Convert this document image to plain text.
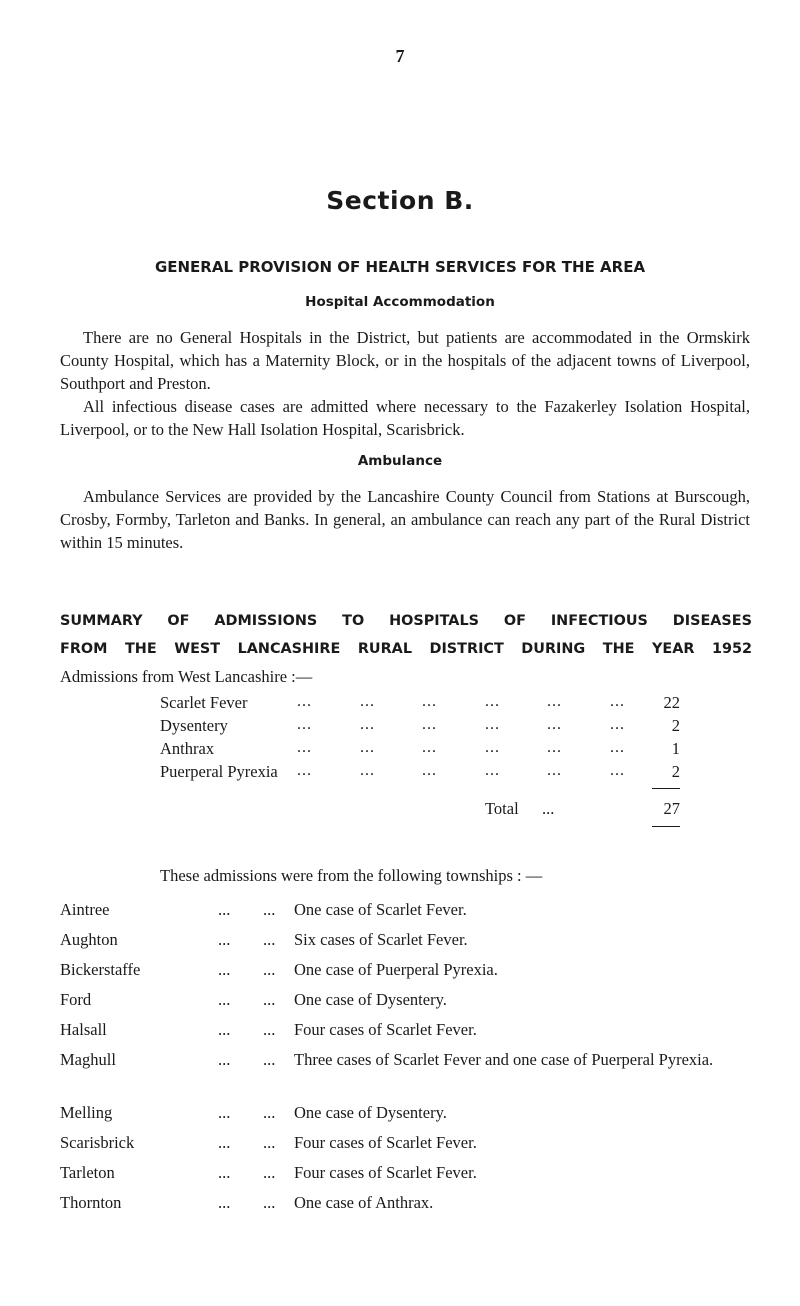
7
Section B.
GENERAL PROVISION OF HEALTH SERVICES FOR THE AREA
Hospital Accommodation

There are no General Hospitals in the District, but patients are accommodated in the Ormskirk County Hospital, which has a Maternity Block, or in the hospitals of the adjacent towns of Liverpool, Southport and Preston.

All infectious disease cases are admitted where necessary to the Fazakerley Isolation Hospital, Liverpool, or to the New Hall Isolation Hospital, Scarisbrick.

Ambulance

Ambulance Services are provided by the Lancashire County Council from Stations at Burscough, Crosby, Formby, Tarleton and Banks. In general, an ambulance can reach any part of the Rural District within 15 minutes.

SUMMARY OF ADMISSIONS TO HOSPITALS OF INFECTIOUS DISEASES
FROM THE WEST LANCASHIRE RURAL DISTRICT DURING THE YEAR 1952
Admissions from West Lancashire :—
Scarlet Fever	...	...	...	...	...	...	22
Dysentery	...	...	...	...	...	...	2
Anthrax	...	...	...	...	...	...	1
Puerperal Pyrexia ...	...	...	...	...	...	2
Total ...	27
These admissions were from the following townships : —
Aintree	... ... One case of Scarlet Fever.
Aughton	... ... Six cases of Scarlet Fever.
Bickerstaffe	... ... One case of Puerperal Pyrexia.
Ford	... ... One case of Dysentery.
Halsall	... ... Four cases of Scarlet Fever.
Maghull	... ... Three cases of Scarlet Fever and one case of Puerperal Pyrexia.
Melling	... ... One case of Dysentery.
Scarisbrick	... ... Four cases of Scarlet Fever.
Tarleton	... ... Four cases of Scarlet Fever.
Thornton	... ... One case of Anthrax.
